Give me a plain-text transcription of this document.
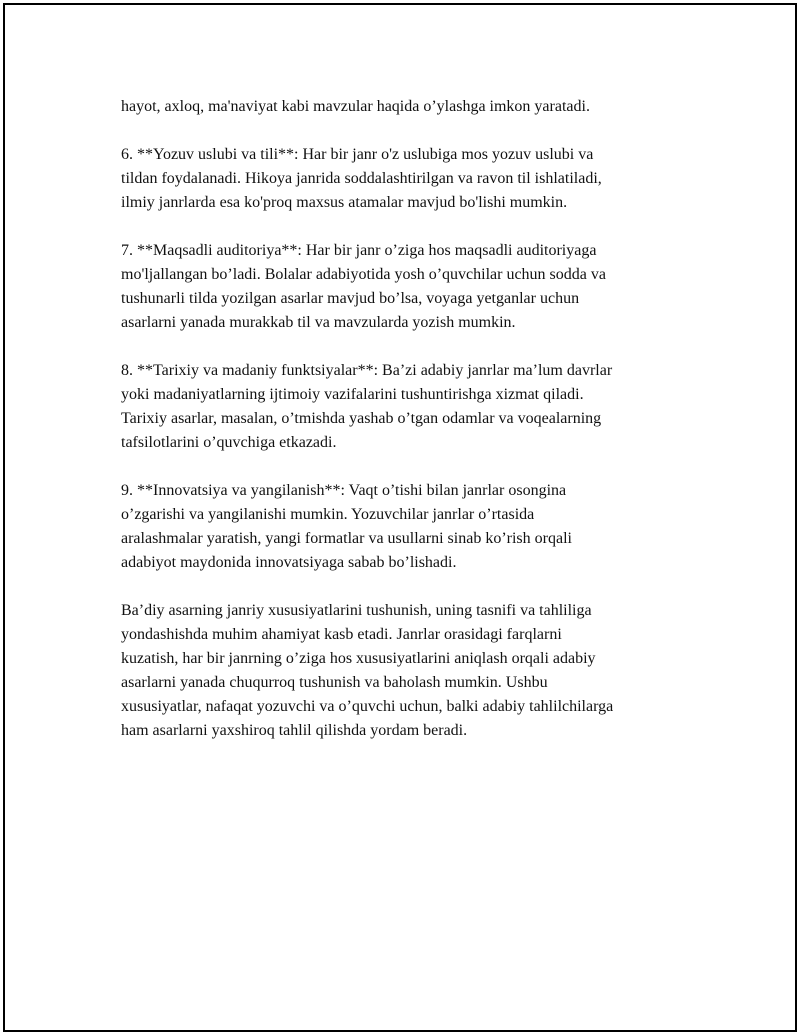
hayot, axloq, ma'naviyat kabi mavzular haqida o’ylashga imkon yaratadi.

6. **Yozuv uslubi va tili**: Har bir janr o'z uslubiga mos yozuv uslubi va
tildan foydalanadi. Hikoya janrida soddalashtirilgan va ravon til ishlatiladi,
ilmiy janrlarda esa ko'proq maxsus atamalar mavjud bo'lishi mumkin.

7. **Maqsadli auditoriya**: Har bir janr o’ziga hos maqsadli auditoriyaga
mo'ljallangan bo’ladi. Bolalar adabiyotida yosh o’quvchilar uchun sodda va
tushunarli tilda yozilgan asarlar mavjud bo’lsa, voyaga yetganlar uchun
asarlarni yanada murakkab til va mavzularda yozish mumkin.

8. **Tarixiy va madaniy funktsiyalar**: Ba’zi adabiy janrlar ma’lum davrlar
yoki madaniyatlarning ijtimoiy vazifalarini tushuntirishga xizmat qiladi.
Tarixiy asarlar, masalan, o’tmishda yashab o’tgan odamlar va voqealarning
tafsilotlarini o’quvchiga etkazadi.

9. **Innovatsiya va yangilanish**: Vaqt o’tishi bilan janrlar osongina
o’zgarishi va yangilanishi mumkin. Yozuvchilar janrlar o’rtasida
aralashmalar yaratish, yangi formatlar va usullarni sinab ko’rish orqali
adabiyot maydonida innovatsiyaga sabab bo’lishadi.

Ba’diy asarning janriy xususiyatlarini tushunish, uning tasnifi va tahliliga
yondashishda muhim ahamiyat kasb etadi. Janrlar orasidagi farqlarni
kuzatish, har bir janrning o’ziga hos xususiyatlarini aniqlash orqali adabiy
asarlarni yanada chuqurroq tushunish va baholash mumkin. Ushbu
xususiyatlar, nafaqat yozuvchi va o’quvchi uchun, balki adabiy tahlilchilarga
ham asarlarni yaxshiroq tahlil qilishda yordam beradi.
